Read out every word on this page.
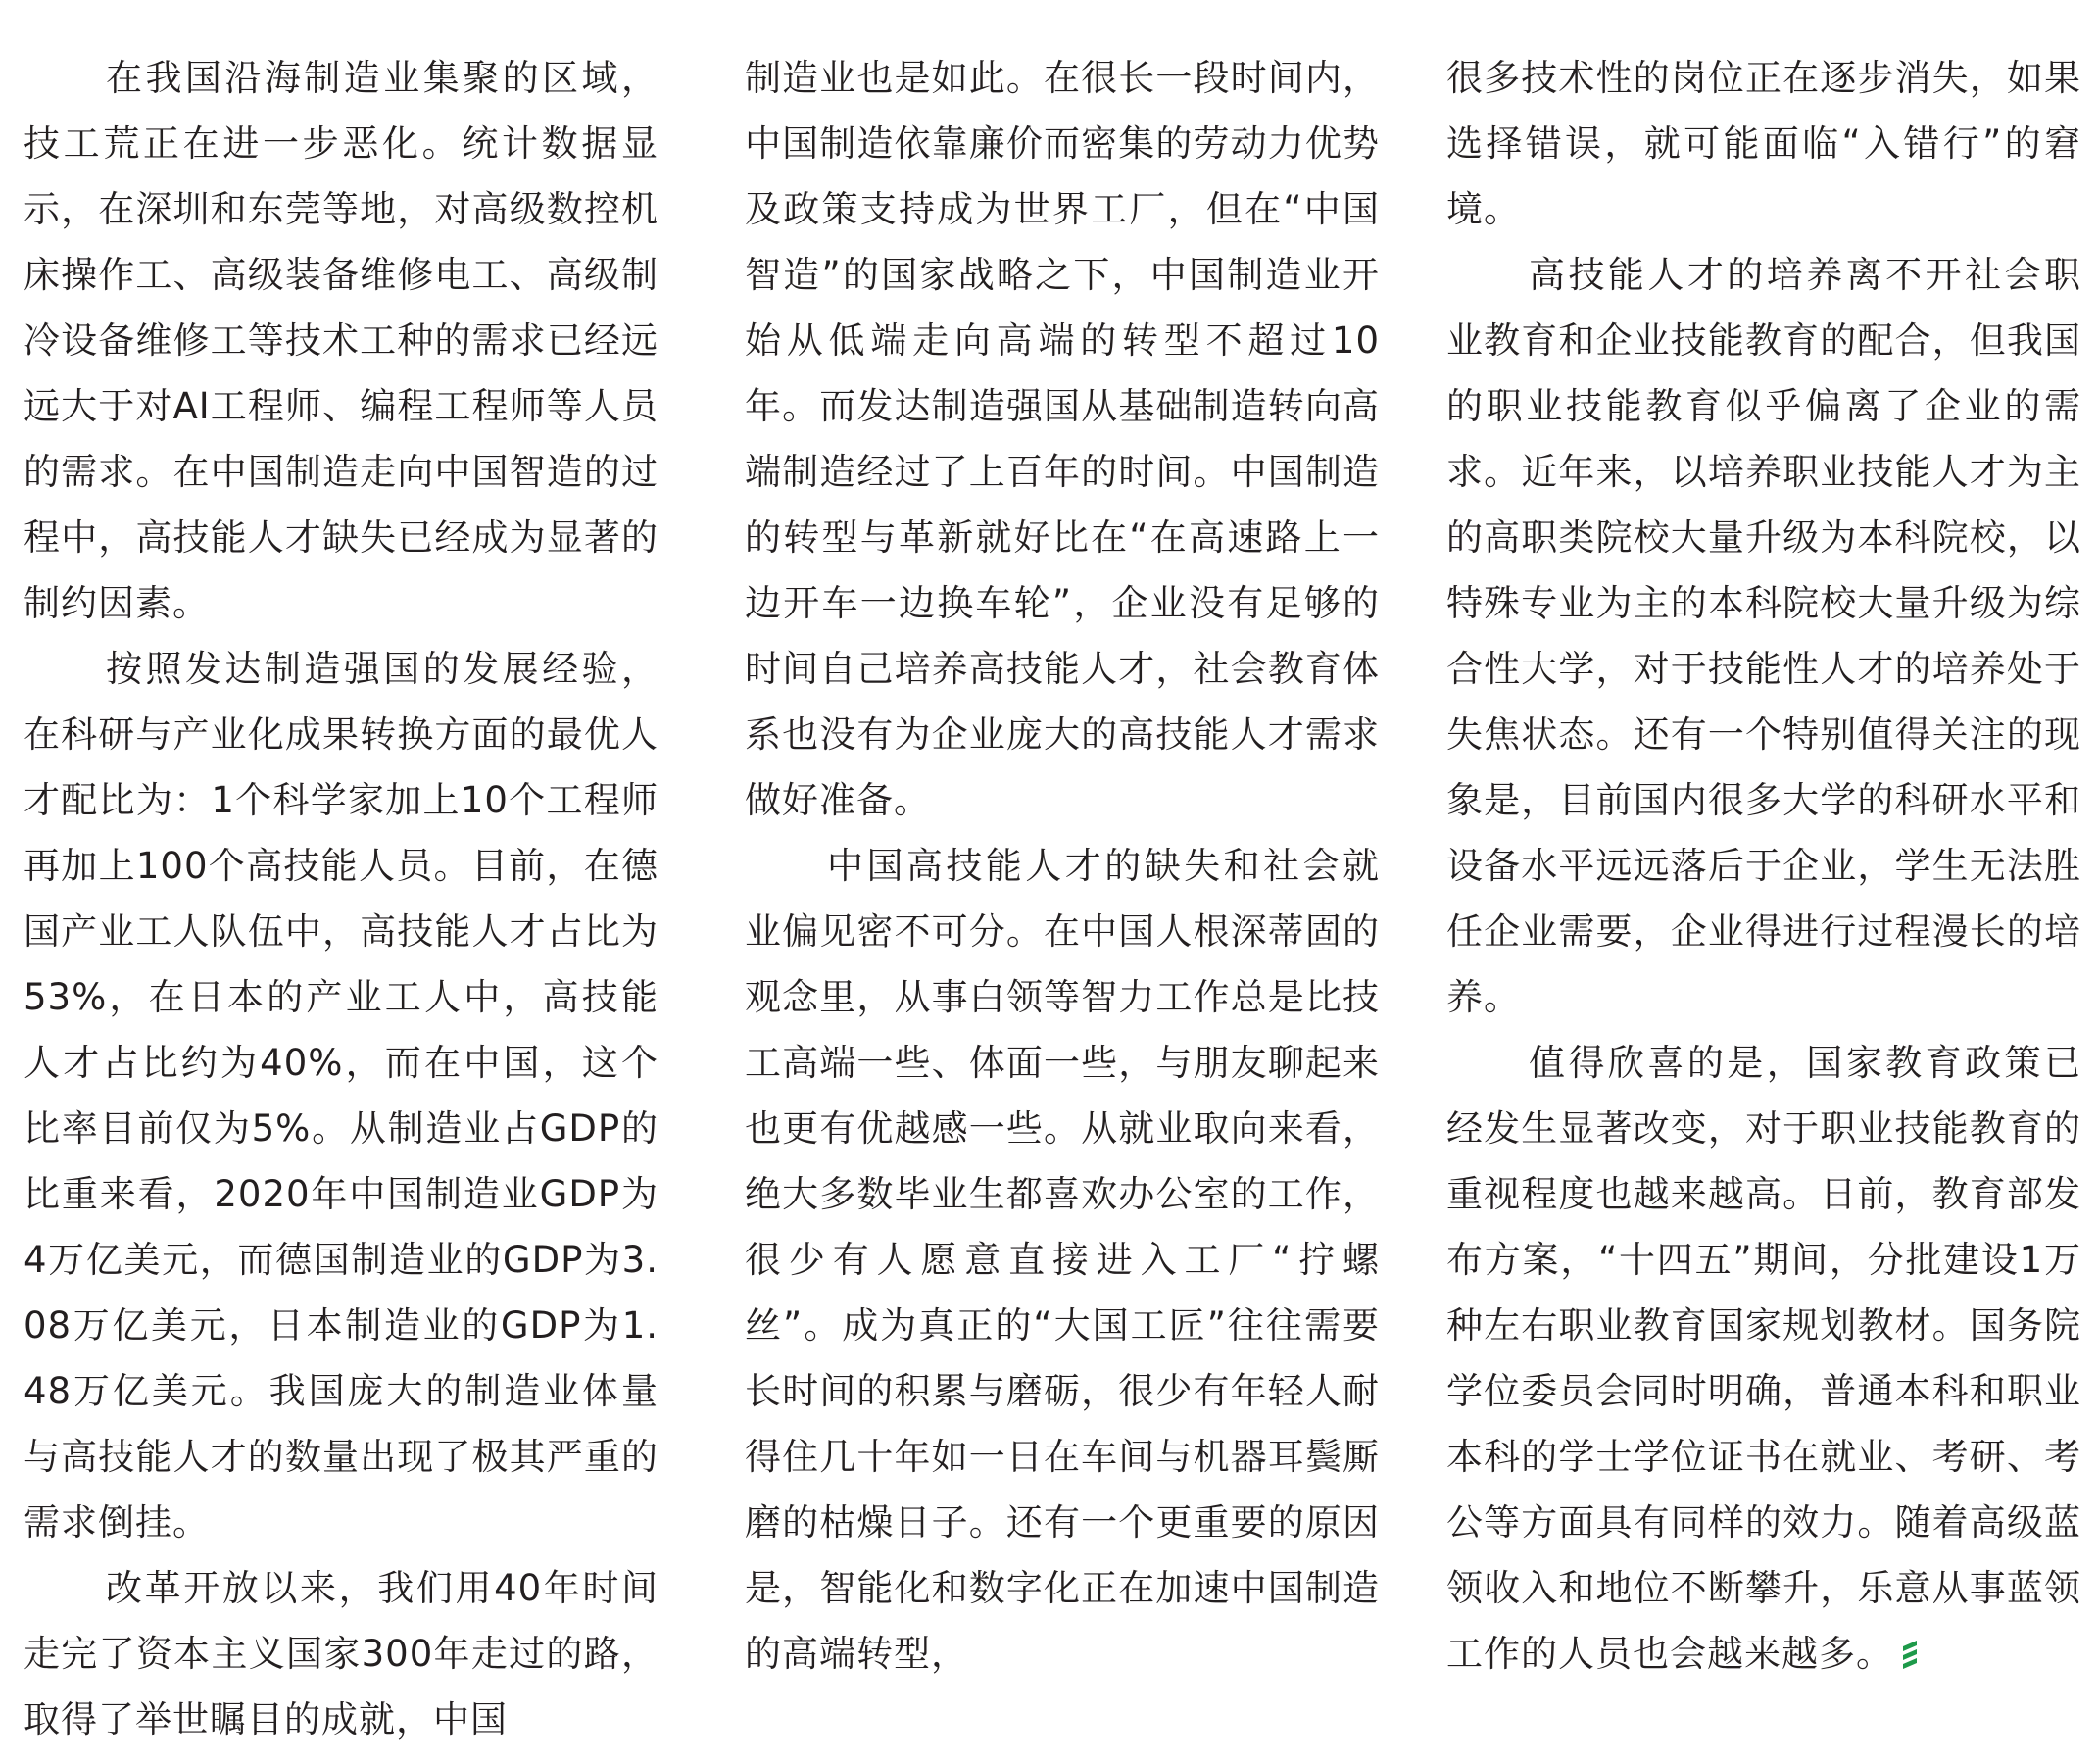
在我国沿海制造业集聚的区域，技工荒正在进一步恶化。统计数据显示，在深圳和东莞等地，对高级数控机床操作工、高级装备维修电工、高级制冷设备维修工等技术工种的需求已经远远大于对AI工程师、编程工程师等人员的需求。在中国制造走向中国智造的过程中，高技能人才缺失已经成为显著的制约因素。

按照发达制造强国的发展经验，在科研与产业化成果转换方面的最优人才配比为：1个科学家加上10个工程师再加上100个高技能人员。目前，在德国产业工人队伍中，高技能人才占比为53%，在日本的产业工人中，高技能人才占比约为40%，而在中国，这个比率目前仅为5%。从制造业占GDP的比重来看，2020年中国制造业GDP为4万亿美元，而德国制造业的GDP为3.08万亿美元，日本制造业的GDP为1.48万亿美元。我国庞大的制造业体量与高技能人才的数量出现了极其严重的需求倒挂。

改革开放以来，我们用40年时间走完了资本主义国家300年走过的路，取得了举世瞩目的成就，中国

制造业也是如此。在很长一段时间内，中国制造依靠廉价而密集的劳动力优势及政策支持成为世界工厂，但在“中国智造”的国家战略之下，中国制造业开始从低端走向高端的转型不超过10年。而发达制造强国从基础制造转向高端制造经过了上百年的时间。中国制造的转型与革新就好比在“在高速路上一边开车一边换车轮”，企业没有足够的时间自己培养高技能人才，社会教育体系也没有为企业庞大的高技能人才需求做好准备。

中国高技能人才的缺失和社会就业偏见密不可分。在中国人根深蒂固的观念里，从事白领等智力工作总是比技工高端一些、体面一些，与朋友聊起来也更有优越感一些。从就业取向来看，绝大多数毕业生都喜欢办公室的工作，很少有人愿意直接进入工厂“拧螺丝”。成为真正的“大国工匠”往往需要长时间的积累与磨砺，很少有年轻人耐得住几十年如一日在车间与机器耳鬓厮磨的枯燥日子。还有一个更重要的原因是，智能化和数字化正在加速中国制造的高端转型，

很多技术性的岗位正在逐步消失，如果选择错误，就可能面临“入错行”的窘境。

高技能人才的培养离不开社会职业教育和企业技能教育的配合，但我国的职业技能教育似乎偏离了企业的需求。近年来，以培养职业技能人才为主的高职类院校大量升级为本科院校，以特殊专业为主的本科院校大量升级为综合性大学，对于技能性人才的培养处于失焦状态。还有一个特别值得关注的现象是，目前国内很多大学的科研水平和设备水平远远落后于企业，学生无法胜任企业需要，企业得进行过程漫长的培养。

值得欣喜的是，国家教育政策已经发生显著改变，对于职业技能教育的重视程度也越来越高。日前，教育部发布方案，“十四五”期间，分批建设1万种左右职业教育国家规划教材。国务院学位委员会同时明确，普通本科和职业本科的学士学位证书在就业、考研、考公等方面具有同样的效力。随着高级蓝领收入和地位不断攀升，乐意从事蓝领工作的人员也会越来越多。
